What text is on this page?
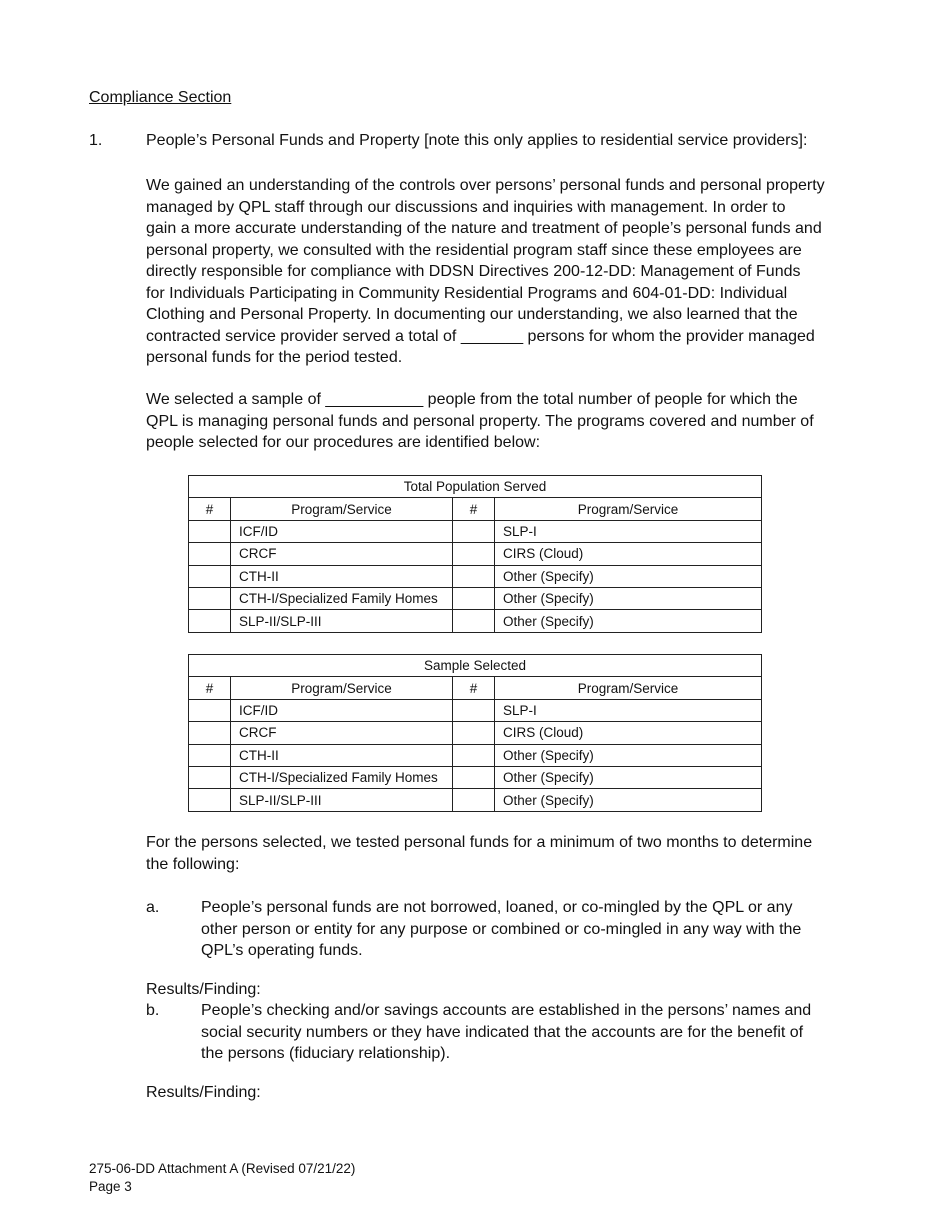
Compliance Section
1.	People’s Personal Funds and Property [note this only applies to residential service providers]:
We gained an understanding of the controls over persons’ personal funds and personal property
managed by QPL staff through our discussions and inquiries with management. In order to
gain a more accurate understanding of the nature and treatment of people’s personal funds and
personal property, we consulted with the residential program staff since these employees are
directly responsible for compliance with DDSN Directives 200-12-DD: Management of Funds
for Individuals Participating in Community Residential Programs and 604-01-DD: Individual
Clothing and Personal Property. In documenting our understanding, we also learned that the
contracted service provider served a total of _______ persons for whom the provider managed
personal funds for the period tested.
We selected a sample of ___________ people from the total number of people for which the
QPL is managing personal funds and personal property. The programs covered and number of
people selected for our procedures are identified below:
Total Population Served			
#	Program/Service	#	Program/Service
	ICF/ID		SLP-I
	CRCF		CIRS (Cloud)
	CTH-II		Other (Specify)
	CTH-I/Specialized Family Homes		Other (Specify)
	SLP-II/SLP-III		Other (Specify)
Sample Selected			
#	Program/Service	#	Program/Service
	ICF/ID		SLP-I
	CRCF		CIRS (Cloud)
	CTH-II		Other (Specify)
	CTH-I/Specialized Family Homes		Other (Specify)
	SLP-II/SLP-III		Other (Specify)
For the persons selected, we tested personal funds for a minimum of two months to determine
the following:
a.	People’s personal funds are not borrowed, loaned, or co-mingled by the QPL or any
other person or entity for any purpose or combined or co-mingled in any way with the
QPL’s operating funds.
Results/Finding:
b.	People’s checking and/or savings accounts are established in the persons’ names and
social security numbers or they have indicated that the accounts are for the benefit of
the persons (fiduciary relationship).
Results/Finding:
275-06-DD Attachment A (Revised 07/21/22)
Page 3
